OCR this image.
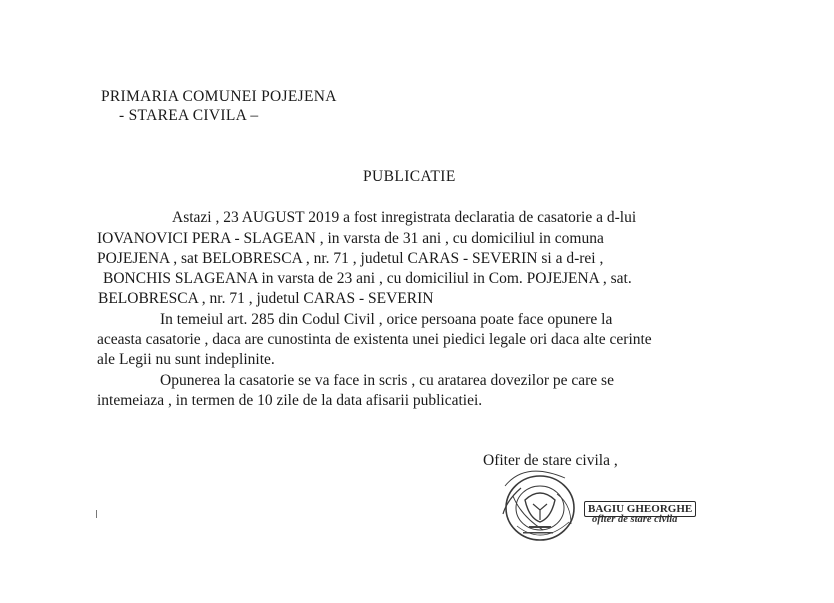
PRIMARIA COMUNEI POJEJENA
- STAREA CIVILA –
PUBLICATIE
Astazi , 23 AUGUST 2019 a fost inregistrata declaratia de casatorie a d-lui
IOVANOVICI PERA - SLAGEAN , in varsta de 31 ani , cu domiciliul in comuna
POJEJENA , sat BELOBRESCA , nr. 71 , judetul CARAS - SEVERIN si a d-rei ,
BONCHIS SLAGEANA in varsta de 23 ani , cu domiciliul in Com. POJEJENA , sat.
BELOBRESCA , nr. 71 , judetul CARAS - SEVERIN
In temeiul art. 285 din Codul Civil , orice persoana poate face opunere la
aceasta casatorie , daca are cunostinta de existenta unei piedici legale ori daca alte cerinte
ale Legii nu sunt indeplinite.
Opunerea la casatorie se va face in scris , cu aratarea dovezilor pe care se
intemeiaza , in termen de 10 zile de la data afisarii publicatiei.
Ofiter de stare civila ,
BAGIU GHEORGHE
ofiter de stare civila
